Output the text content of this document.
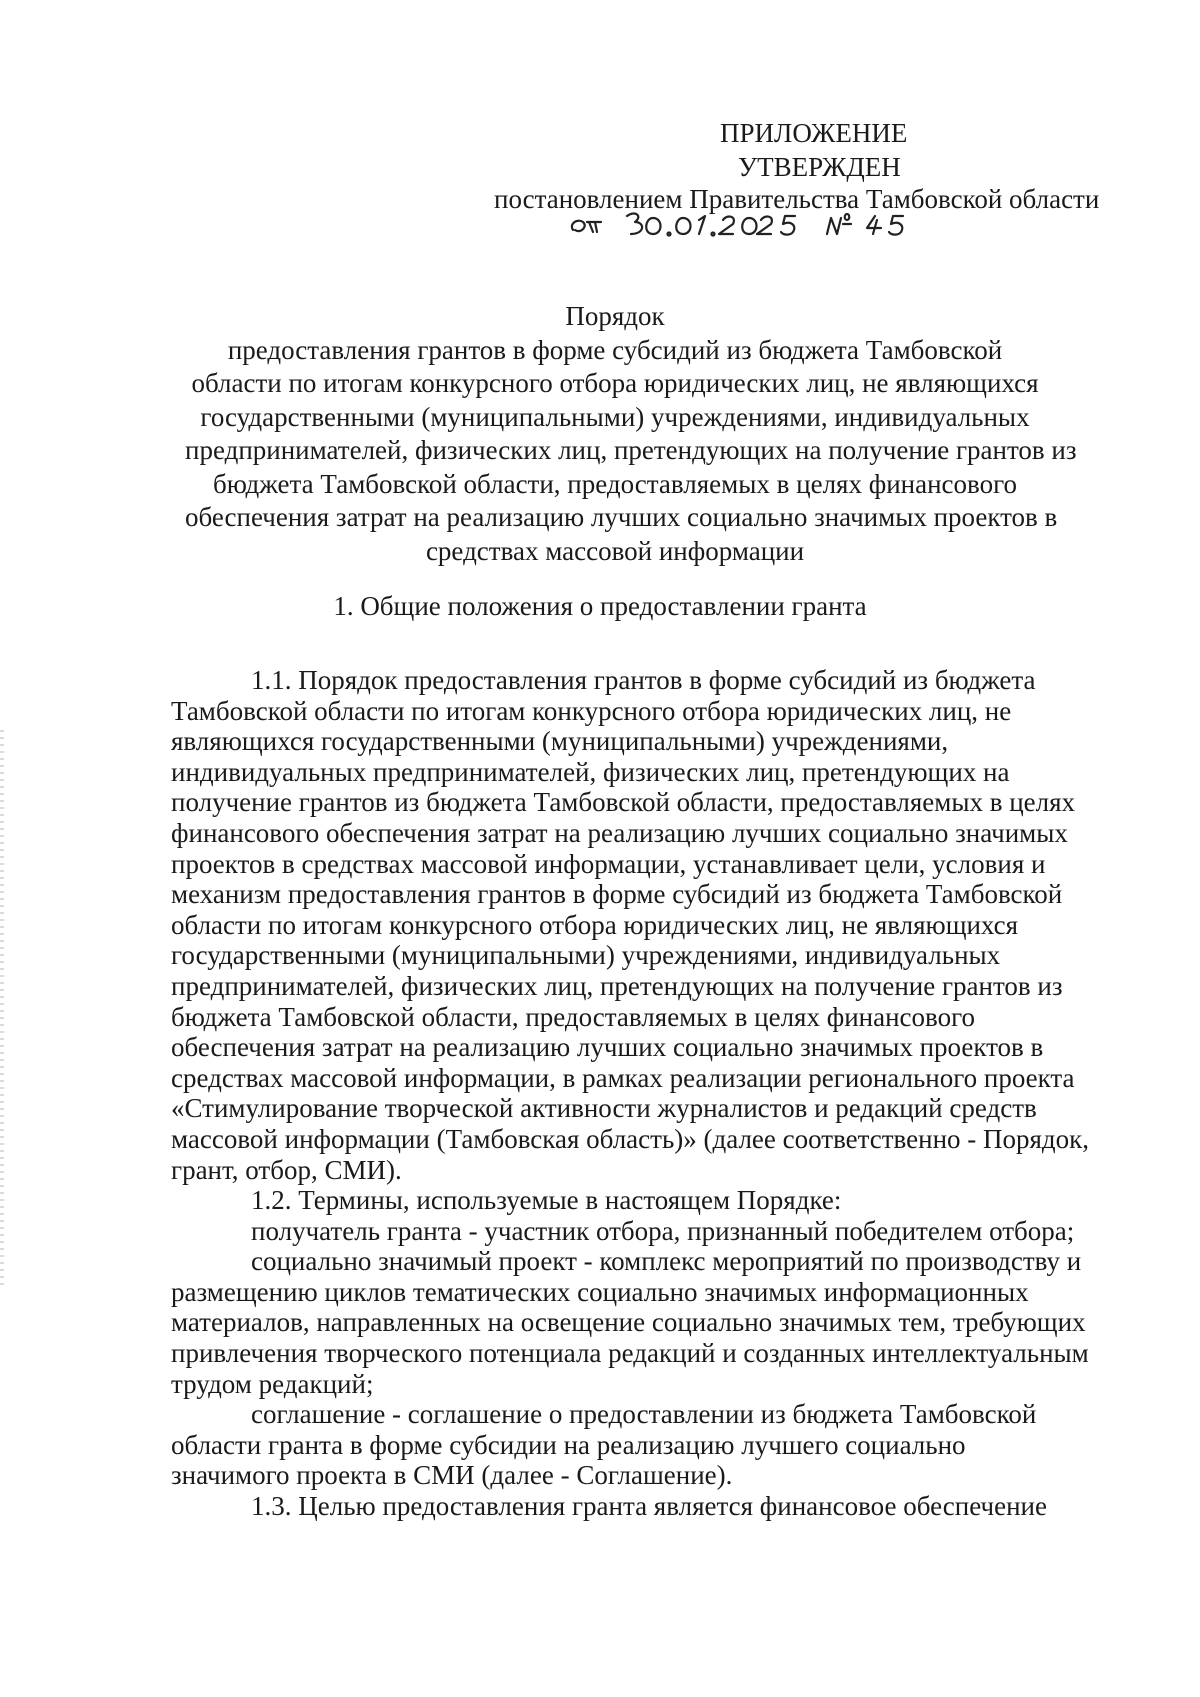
ПРИЛОЖЕНИЕ
УТВЕРЖДЕН
постановлением Правительства Тамбовской области
Порядок
предоставления грантов в форме субсидий из бюджета Тамбовской
области по итогам конкурсного отбора юридических лиц, не являющихся
государственными (муниципальными) учреждениями, индивидуальных
предпринимателей, физических лиц, претендующих на получение грантов из
бюджета Тамбовской области, предоставляемых в целях финансового
обеспечения затрат на реализацию лучших социально значимых проектов в
средствах массовой информации
1. Общие положения о предоставлении гранта
1.1. Порядок предоставления грантов в форме субсидий из бюджета
Тамбовской области по итогам конкурсного отбора юридических лиц, не
являющихся государственными (муниципальными) учреждениями,
индивидуальных предпринимателей, физических лиц, претендующих на
получение грантов из бюджета Тамбовской области, предоставляемых в целях
финансового обеспечения затрат на реализацию лучших социально значимых
проектов в средствах массовой информации, устанавливает цели, условия и
механизм предоставления грантов в форме субсидий из бюджета Тамбовской
области по итогам конкурсного отбора юридических лиц, не являющихся
государственными (муниципальными) учреждениями, индивидуальных
предпринимателей, физических лиц, претендующих на получение грантов из
бюджета Тамбовской области, предоставляемых в целях финансового
обеспечения затрат на реализацию лучших социально значимых проектов в
средствах массовой информации, в рамках реализации регионального проекта
«Стимулирование творческой активности журналистов и редакций средств
массовой информации (Тамбовская область)» (далее соответственно - Порядок,
грант, отбор, СМИ).
1.2. Термины, используемые в настоящем Порядке:
получатель гранта - участник отбора, признанный победителем отбора;
социально значимый проект - комплекс мероприятий по производству и
размещению циклов тематических социально значимых информационных
материалов, направленных на освещение социально значимых тем, требующих
привлечения творческого потенциала редакций и созданных интеллектуальным
трудом редакций;
соглашение - соглашение о предоставлении из бюджета Тамбовской
области гранта в форме субсидии на реализацию лучшего социально
значимого проекта в СМИ (далее - Соглашение).
1.3. Целью предоставления гранта является финансовое обеспечение
